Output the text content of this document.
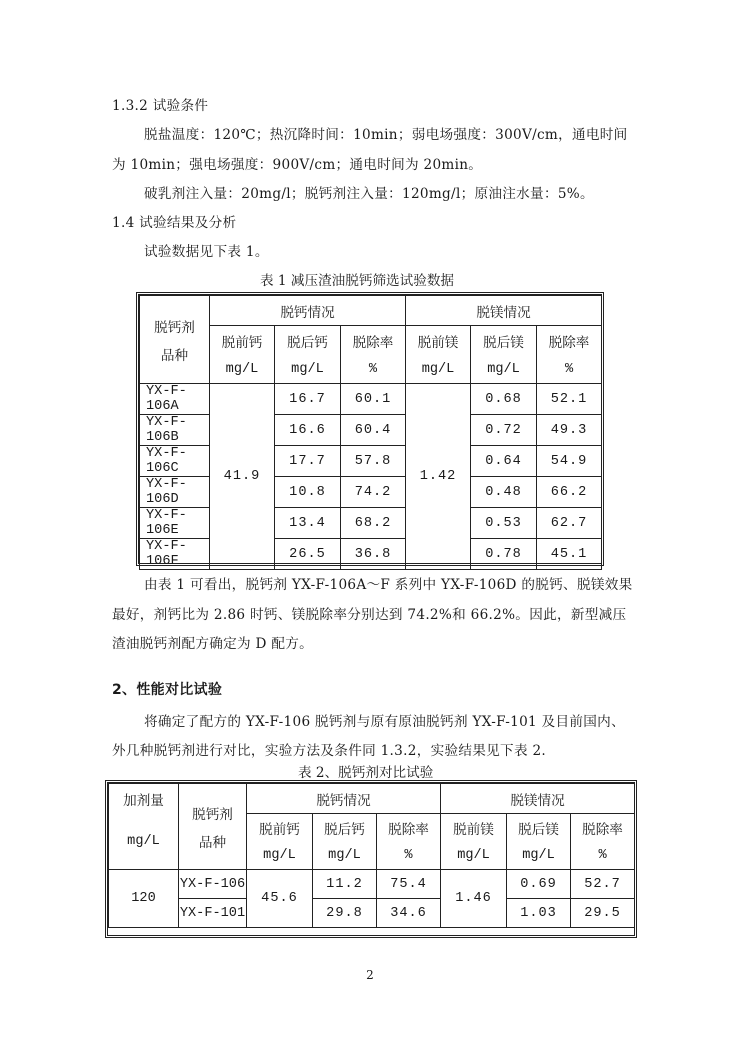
1.3.2 试验条件
脱盐温度：120℃；热沉降时间：10min；弱电场强度：300V/cm，通电时间
为 10min；强电场强度：900V/cm；通电时间为 20min。
破乳剂注入量：20mg/l；脱钙剂注入量：120mg/l；原油注水量：5%。
1.4 试验结果及分析
试验数据见下表 1。
表 1 减压渣油脱钙筛选试验数据
脱钙剂
品种	脱钙情况			脱镁情况		
	脱前钙	脱后钙	脱除率	脱前镁	脱后镁	脱除率
	mg/L	mg/L	%	mg/L	mg/L	%
YX-F-106A	41.9	16.7	60.1	1.42	0.68	52.1
YX-F-106B		16.6	60.4		0.72	49.3
YX-F-106C		17.7	57.8		0.64	54.9
YX-F-106D		10.8	74.2		0.48	66.2
YX-F-106E		13.4	68.2		0.53	62.7
YX-F-106F		26.5	36.8		0.78	45.1
由表 1 可看出，脱钙剂 YX-F-106A～F 系列中 YX-F-106D 的脱钙、脱镁效果
最好，剂钙比为 2.86 时钙、镁脱除率分别达到 74.2%和 66.2%。因此，新型减压
渣油脱钙剂配方确定为 D 配方。
2、性能对比试验
将确定了配方的 YX-F-106 脱钙剂与原有原油脱钙剂 YX-F-101 及目前国内、
外几种脱钙剂进行对比，实验方法及条件同 1.3.2，实验结果见下表 2.
表 2、脱钙剂对比试验
加剂量	脱钙剂
品种	脱钙情况			脱镁情况		
mg/L		脱前钙	脱后钙	脱除率	脱前镁	脱后镁	脱除率
		mg/L	mg/L	%	mg/L	mg/L	%
120	YX-F-106	45.6	11.2	75.4	1.46	0.69	52.7
	YX-F-101		29.8	34.6		1.03	29.5
2
